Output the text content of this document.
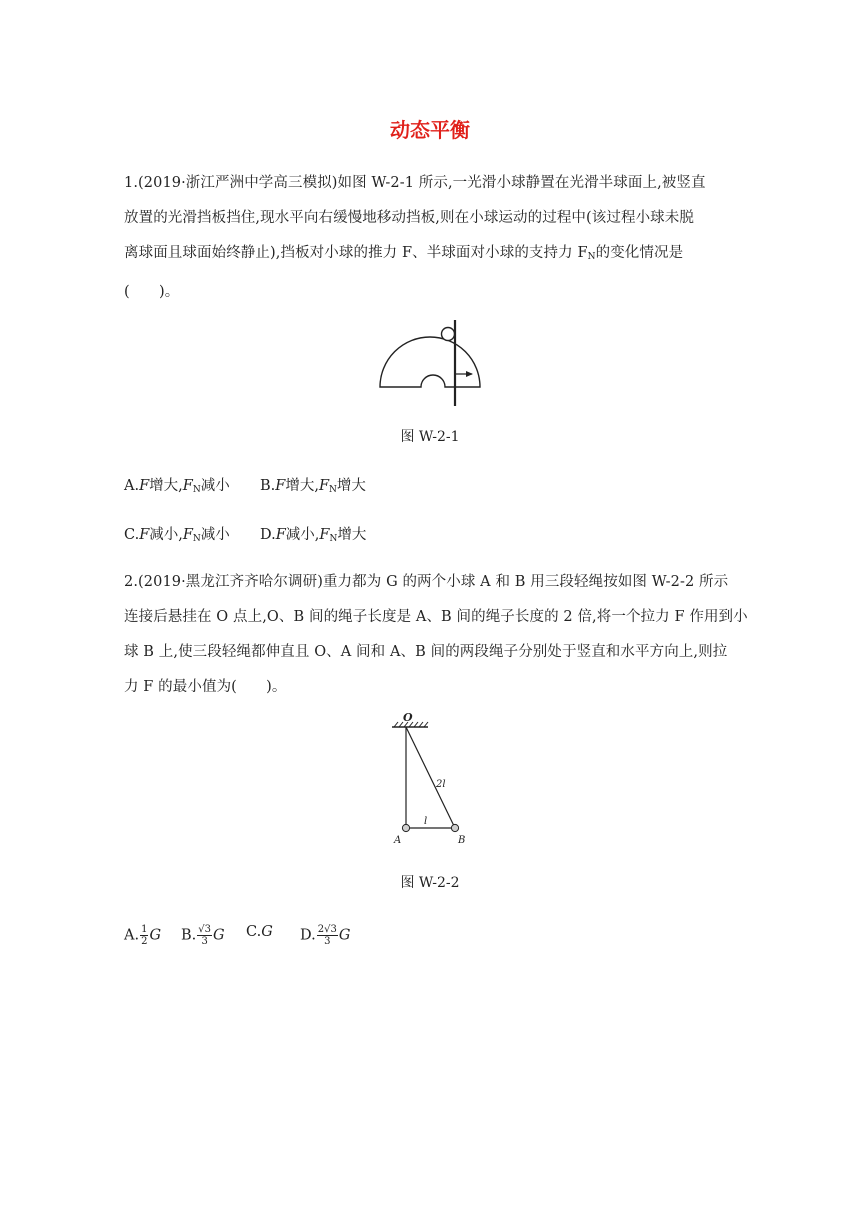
动态平衡
1.(2019·浙江严洲中学高三模拟)如图 W-2-1 所示,一光滑小球静置在光滑半球面上,被竖直
放置的光滑挡板挡住,现水平向右缓慢地移动挡板,则在小球运动的过程中(该过程小球未脱
离球面且球面始终静止),挡板对小球的推力 F、半球面对小球的支持力 $F_N$的变化情况是
(　　)。
图 W-2-1
A.F增大$,F_N$减小 B.F增大$,F_N$增大
C.F减小$,F_N$减小 D.F减小$,F_N$增大
2.(2019·黑龙江齐齐哈尔调研)重力都为 G 的两个小球 A 和 B 用三段轻绳按如图 W-2-2 所示
连接后悬挂在 O 点上,O、B 间的绳子长度是 A、B 间的绳子长度的 2 倍,将一个拉力 F 作用到小
球 B 上,使三段轻绳都伸直且 O、A 间和 A、B 间的两段绳子分别处于竖直和水平方向上,则拉
力 F 的最小值为(　　)。
O
2l
l
A	B
图 W-2-2
A. $\frac{1}{2}$ G B. $\frac{√3}{3}$ G C.G D. $\frac{2√3}{3}$ G
